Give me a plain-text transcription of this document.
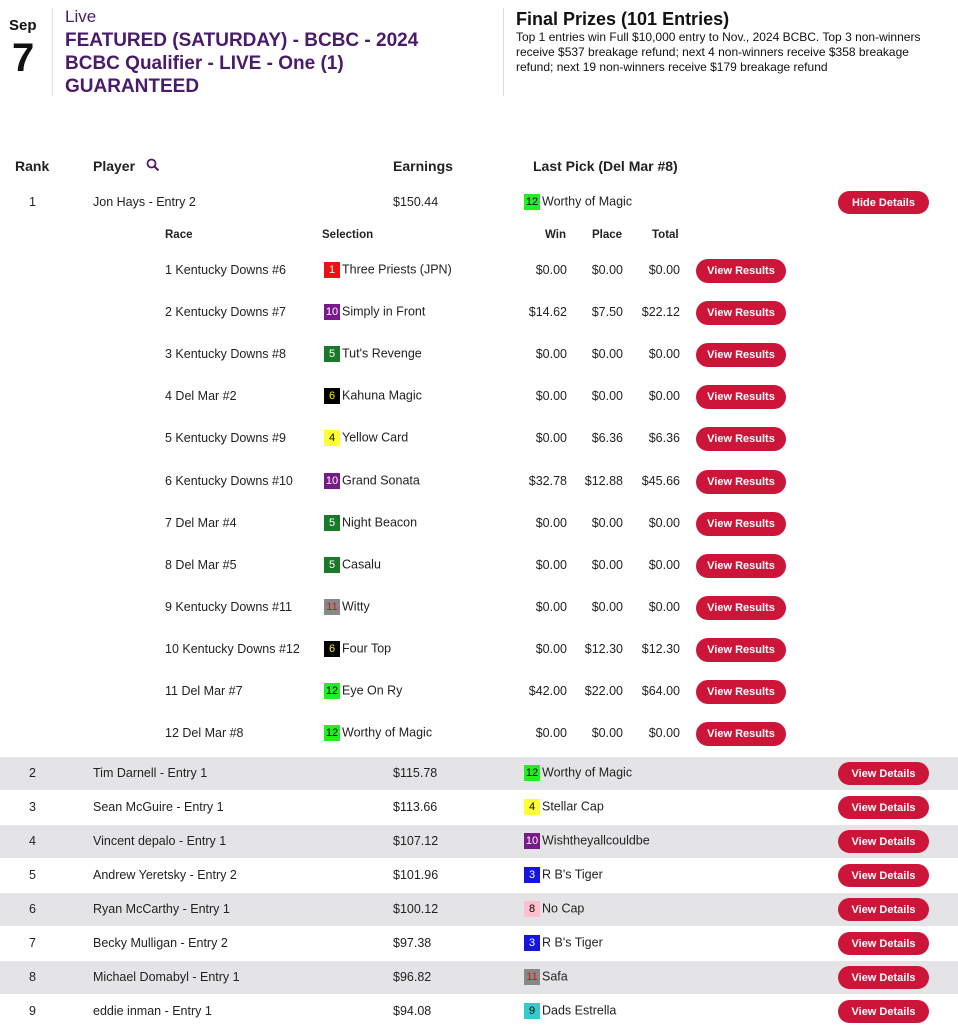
Sep
7
Live
FEATURED (SATURDAY) - BCBC - 2024 BCBC Qualifier - LIVE - One (1) GUARANTEED
Final Prizes (101 Entries)
Top 1 entries win Full $10,000 entry to Nov., 2024 BCBC. Top 3 non-winners receive $537 breakage refund; next 4 non-winners receive $358 breakage refund; next 19 non-winners receive $179 breakage refund
Rank	Player	Earnings	Last Pick (Del Mar #8)
1	Jon Hays - Entry 2	$150.44	12 Worthy of Magic	Hide Details
Race	Selection	Win Place	Total
1 Kentucky Downs #6	1 Three Priests (JPN)	$0.00 $0.00 $0.00	View Results
2 Kentucky Downs #7	10 Simply in Front	$14.62 $7.50 $22.12	View Results
3 Kentucky Downs #8	5 Tut's Revenge	$0.00 $0.00 $0.00	View Results
4 Del Mar #2	6 Kahuna Magic	$0.00 $0.00 $0.00	View Results
5 Kentucky Downs #9	4 Yellow Card	$0.00 $6.36 $6.36	View Results
6 Kentucky Downs #10	10 Grand Sonata	$32.78 $12.88 $45.66	View Results
7 Del Mar #4	5 Night Beacon	$0.00 $0.00 $0.00	View Results
8 Del Mar #5	5 Casalu	$0.00 $0.00 $0.00	View Results
9 Kentucky Downs #11	11 Witty	$0.00 $0.00 $0.00	View Results
10 Kentucky Downs #12	6 Four Top	$0.00 $12.30 $12.30	View Results
11 Del Mar #7	12 Eye On Ry	$42.00 $22.00 $64.00	View Results
12 Del Mar #8	12 Worthy of Magic	$0.00 $0.00 $0.00	View Results
2	Tim Darnell - Entry 1	$115.78	12 Worthy of Magic	View Details
3	Sean McGuire - Entry 1	$113.66	4 Stellar Cap	View Details
4	Vincent depalo - Entry 1	$107.12	10 Wishtheyallcouldbe	View Details
5	Andrew Yeretsky - Entry 2	$101.96	3 R B's Tiger	View Details
6	Ryan McCarthy - Entry 1	$100.12	8 No Cap	View Details
7	Becky Mulligan - Entry 2	$97.38	3 R B's Tiger	View Details
8	Michael Domabyl - Entry 1	$96.82	11 Safa	View Details
9	eddie inman - Entry 1	$94.08	9 Dads Estrella	View Details
